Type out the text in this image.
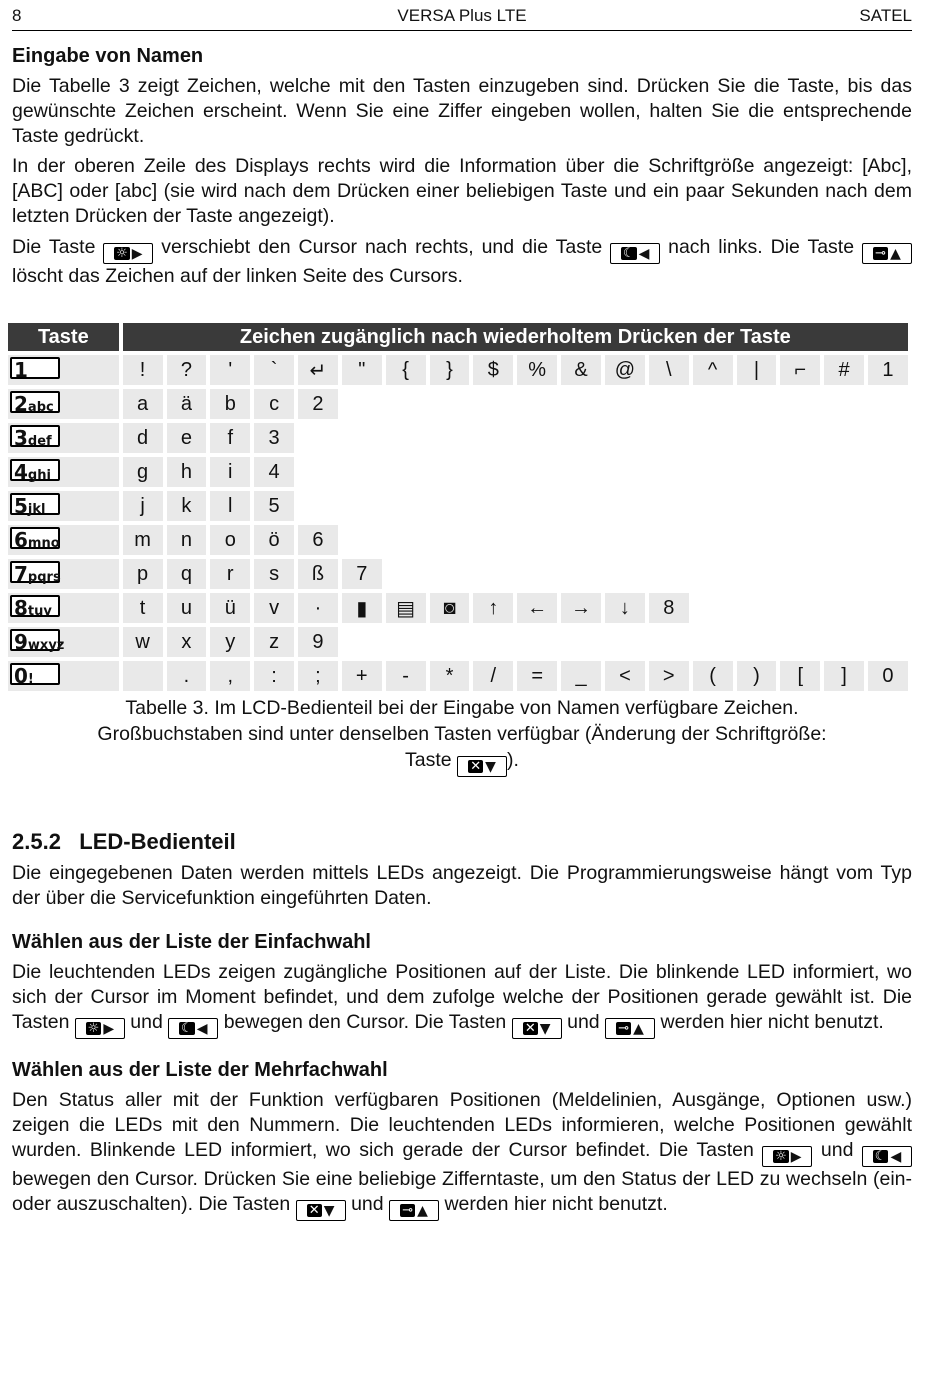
8	VERSA Plus LTE	SATEL
Eingabe von Namen

Die Tabelle 3 zeigt Zeichen, welche mit den Tasten einzugeben sind. Drücken Sie die Taste, bis das gewünschte Zeichen erscheint. Wenn Sie eine Ziffer eingeben wollen, halten Sie die entsprechende Taste gedrückt.

In der oberen Zeile des Displays rechts wird die Information über die Schriftgröße angezeigt: [Abc], [ABC] oder [abc] (sie wird nach dem Drücken einer beliebigen Taste und ein paar Sekunden nach dem letzten Drücken der Taste angezeigt).

Die Taste ☼ ▶ verschiebt den Cursor nach rechts, und die Taste ☾ ◀ nach links. Die Taste ⊸ ▲
löscht das Zeichen auf der linken Seite des Cursors.

Taste	Zeichen zugänglich nach wiederholtem Drücken der Taste																	
1	!	?	'	`	↵	"	{	}	$	%	&	@	\	^	|	⌐	#	1
2abc	a	ä	b	c	2													
3def	d	e	f	3														
4ghi	g	h	i	4														
5jkl	j	k	l	5														
6mno	m	n	o	ö	6													
7pqrs	p	q	r	s	ß	7												
8tuv	t	u	ü	v	·	▮	▤	◙	↑	←	→	↓	8					
9wxyz	w	x	y	z	9													
0!		.	,	:	;	+	-	*	/	=	_	<	>	(	)	[	]	0
Tabelle 3. Im LCD-Bedienteil bei der Eingabe von Namen verfügbare Zeichen.
Großbuchstaben sind unter denselben Tasten verfügbar (Änderung der Schriftgröße:
Taste ✕ ▼ ).
2.5.2 LED-Bedienteil

Die eingegebenen Daten werden mittels LEDs angezeigt. Die Programmierungsweise hängt vom Typ der über die Servicefunktion eingeführten Daten.

Wählen aus der Liste der Einfachwahl

Die leuchtenden LEDs zeigen zugängliche Positionen auf der Liste. Die blinkende LED informiert, wo sich der Cursor im Moment befindet, und dem zufolge welche der Positionen gerade gewählt ist. Die Tasten ☼ ▶ und ☾ ◀ bewegen den Cursor. Die Tasten ✕ ▼ und ⊸ ▲ werden hier nicht benutzt.

Wählen aus der Liste der Mehrfachwahl

Den Status aller mit der Funktion verfügbaren Positionen (Meldelinien, Ausgänge, Optionen usw.) zeigen die LEDs mit den Nummern. Die leuchtenden LEDs informieren, welche Positionen gewählt wurden. Blinkende LED informiert, wo sich gerade der Cursor befindet. Die Tasten ☼ ▶ und ☾ ◀
bewegen den Cursor. Drücken Sie eine beliebige Zifferntaste, um den Status der LED zu wechseln (ein- oder auszuschalten). Die Tasten ✕ ▼ und ⊸ ▲ werden hier nicht benutzt.
